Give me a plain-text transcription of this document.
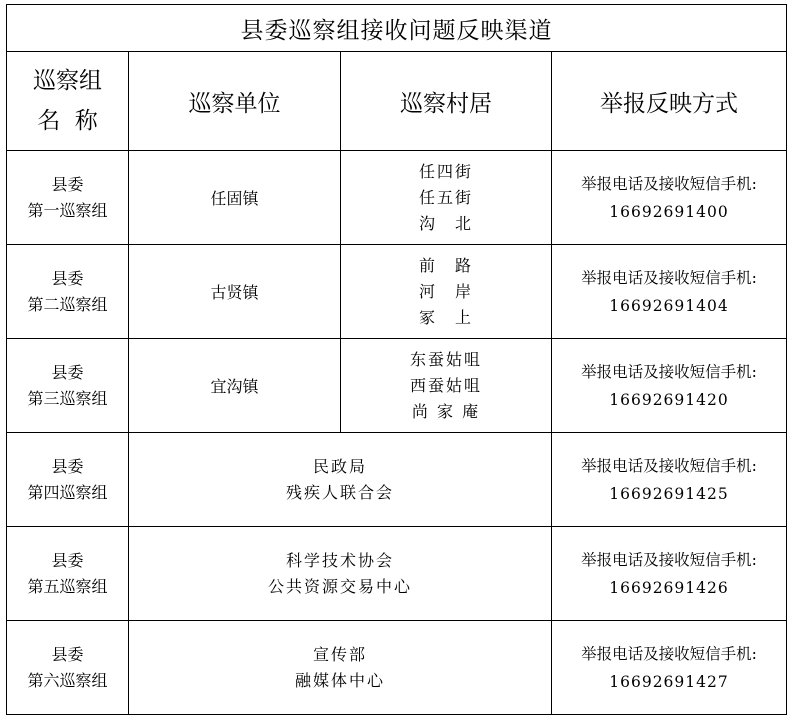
县委巡察组接收问题反映渠道			

巡察组
名  称	巡察单位	巡察村居	举报反映方式

县委
第一巡察组	任固镇	任四街
任五街
沟　北	举报电话及接收短信手机:
16692691400

县委
第二巡察组	古贤镇	前　路
河　岸
冢　上	举报电话及接收短信手机:
16692691404

县委
第三巡察组	宜沟镇	东蚕姑咀
西蚕姑咀
尚 家 庵	举报电话及接收短信手机:
16692691420

县委
第四巡察组	民政局
残疾人联合会		举报电话及接收短信手机:
16692691425

县委
第五巡察组	科学技术协会
公共资源交易中心		举报电话及接收短信手机:
16692691426

县委
第六巡察组	宣传部
融媒体中心		举报电话及接收短信手机:
16692691427
